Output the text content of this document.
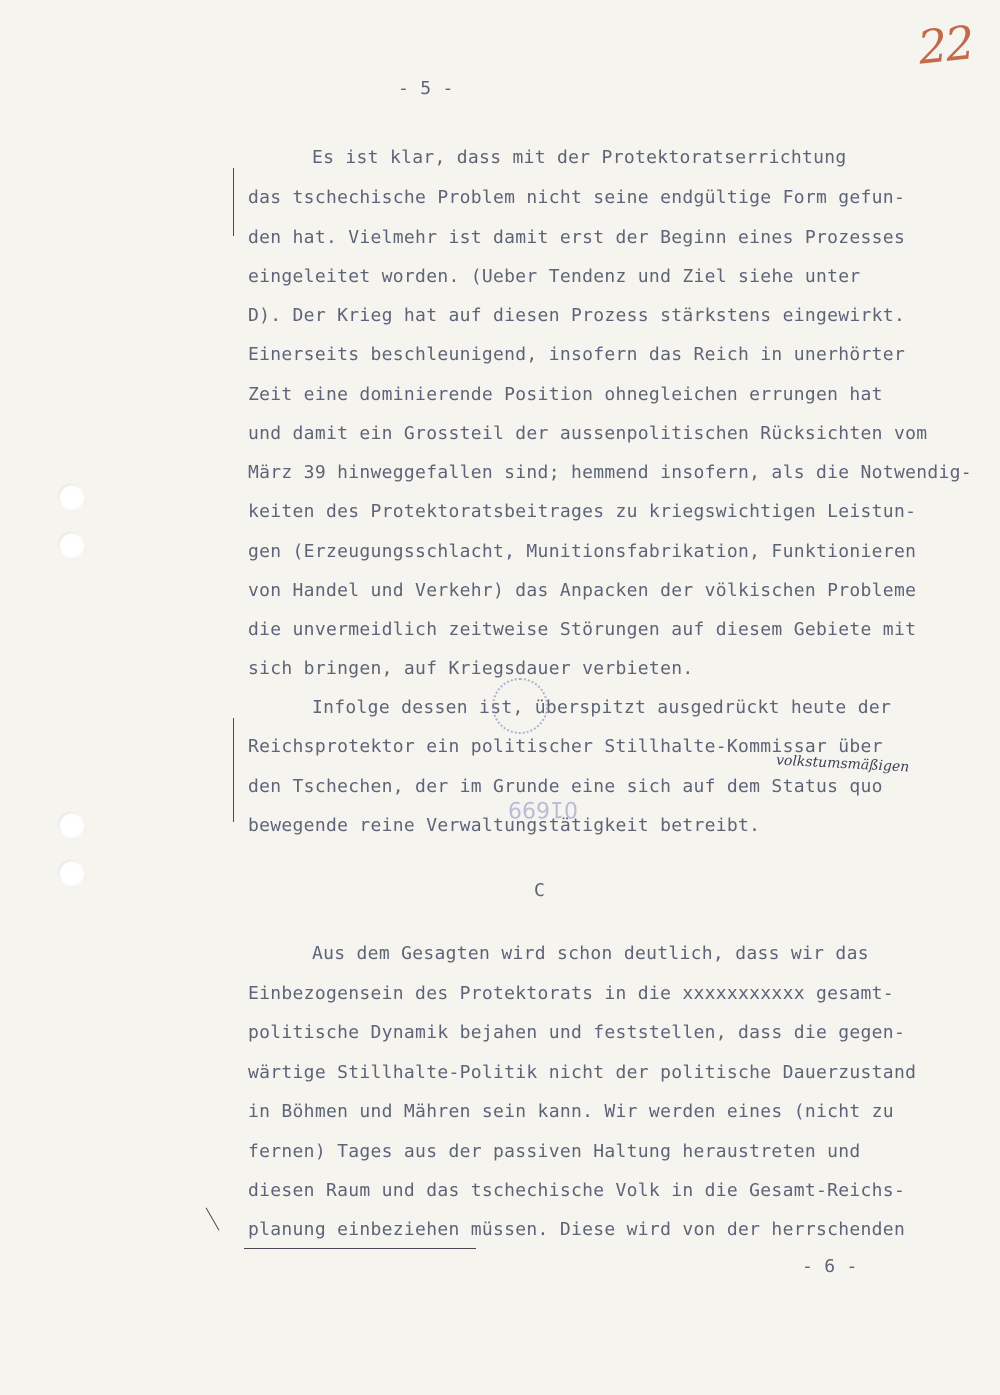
22
- 5 -
Es ist klar, dass mit der Protektoratserrichtung
das tschechische Problem nicht seine endgültige Form gefun-
den hat. Vielmehr ist damit erst der Beginn eines Prozesses
eingeleitet worden. (Ueber Tendenz und Ziel siehe unter
D). Der Krieg hat auf diesen Prozess stärkstens eingewirkt.
Einerseits beschleunigend, insofern das Reich in unerhörter
Zeit eine dominierende Position ohnegleichen errungen hat
und damit ein Grossteil der aussenpolitischen Rücksichten vom
März 39 hinweggefallen sind; hemmend insofern, als die Notwendig-
keiten des Protektoratsbeitrages zu kriegswichtigen Leistun-
gen (Erzeugungsschlacht, Munitionsfabrikation, Funktionieren
von Handel und Verkehr) das Anpacken der völkischen Probleme
die unvermeidlich zeitweise Störungen auf diesem Gebiete mit
sich bringen, auf Kriegsdauer verbieten.
Infolge dessen ist, überspitzt ausgedrückt heute der
Reichsprotektor ein politischer Stillhalte-Kommissar über
den Tschechen, der im Grunde eine sich auf dem Status quo
bewegende reine Verwaltungstätigkeit betreibt.
volkstumsmäßigen
01699
C
Aus dem Gesagten wird schon deutlich, dass wir das
Einbezogensein des Protektorats in die xxxxxxxxxxx gesamt-
politische Dynamik bejahen und feststellen, dass die gegen-
wärtige Stillhalte-Politik nicht der politische Dauerzustand
in Böhmen und Mähren sein kann. Wir werden eines (nicht zu
fernen) Tages aus der passiven Haltung heraustreten und
diesen Raum und das tschechische Volk in die Gesamt-Reichs-
planung einbeziehen müssen. Diese wird von der herrschenden
- 6 -
